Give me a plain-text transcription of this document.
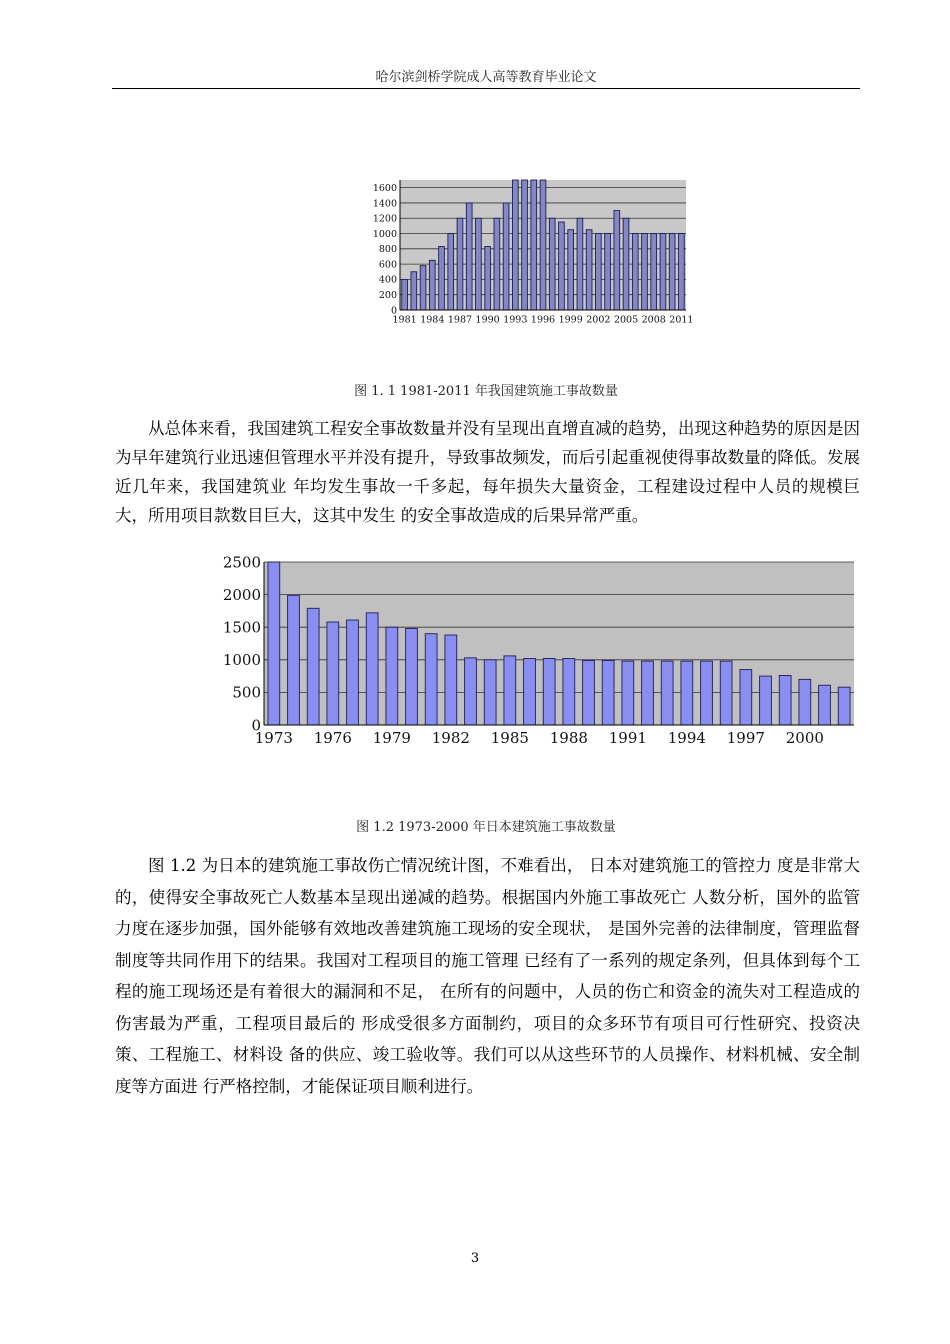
哈尔滨剑桥学院成人高等教育毕业论文
0
200
400
600
800
1000
1200
1400
1600
1981 1984 1987 1990 1993 1996 1999 2002 2005 2008 2011
图 1. 1 1981-2011 年我国建筑施工事故数量

从总体来看，我国建筑工程安全事故数量并没有呈现出直增直减的趋势，出现这种趋势的原因是因为早年建筑行业迅速但管理水平并没有提升，导致事故频发，而后引起重视使得事故数量的降低。发展近几年来，我国建筑业 年均发生事故一千多起，每年损失大量资金，工程建设过程中人员的规模巨大，所用项目款数目巨大，这其中发生 的安全事故造成的后果异常严重。

0
500
1000
1500
2000
2500
1973 1976 1979 1982 1985 1988 1991 1994 1997 2000
图 1.2 1973-2000 年日本建筑施工事故数量

图 1.2 为日本的建筑施工事故伤亡情况统计图，不难看出， 日本对建筑施工的管控力 度是非常大的，使得安全事故死亡人数基本呈现出递减的趋势。根据国内外施工事故死亡 人数分析，国外的监管力度在逐步加强，国外能够有效地改善建筑施工现场的安全现状， 是国外完善的法律制度，管理监督制度等共同作用下的结果。我国对工程项目的施工管理 已经有了一系列的规定条列，但具体到每个工程的施工现场还是有着很大的漏洞和不足， 在所有的问题中，人员的伤亡和资金的流失对工程造成的伤害最为严重，工程项目最后的 形成受很多方面制约，项目的众多环节有项目可行性研究、投资决策、工程施工、材料设 备的供应、竣工验收等。我们可以从这些环节的人员操作、材料机械、安全制度等方面进 行严格控制，才能保证项目顺利进行。

3
